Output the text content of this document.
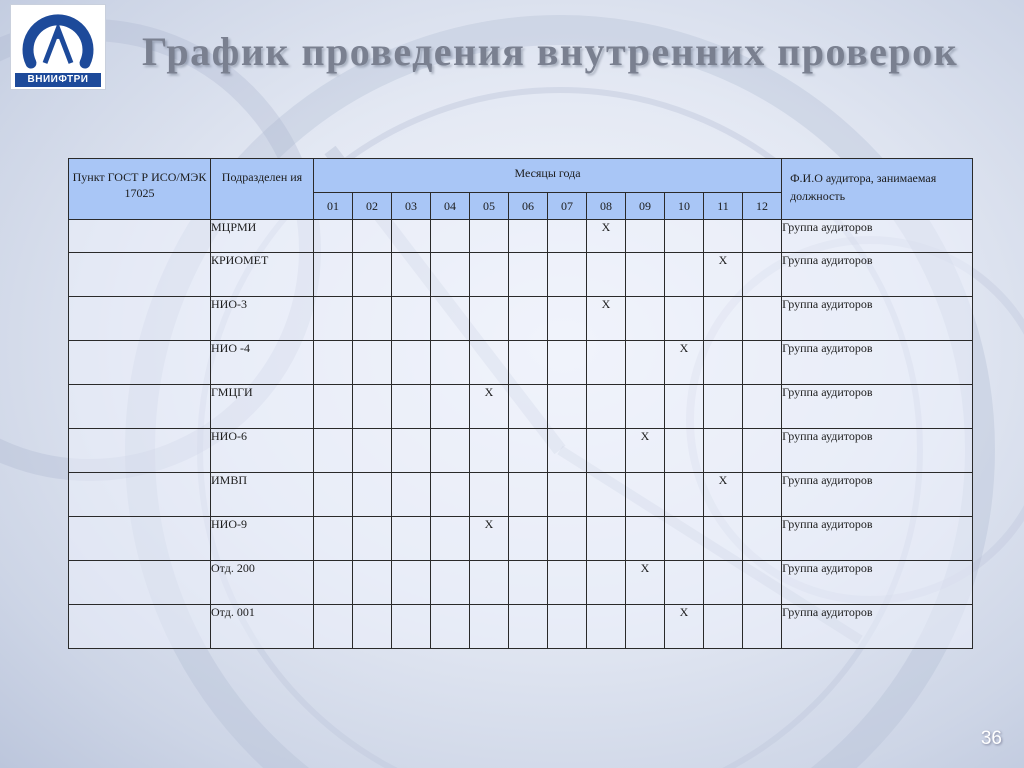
ВНИИФТРИ
График проведения внутренних проверок
Пункт ГОСТ Р ИСО/МЭК 17025	Подразделен ия	Месяцы года												Ф.И.О аудитора, занимаемая должность
		01	02	03	04	05	06	07	08	09	10	11	12	
	МЦРМИ								Х					Группа аудиторов
	КРИОМЕТ											Х		Группа аудиторов
	НИО-3								Х					Группа аудиторов
	НИО -4										Х			Группа аудиторов
	ГМЦГИ					Х								Группа аудиторов
	НИО-6									Х				Группа аудиторов
	ИМВП											Х		Группа аудиторов
	НИО-9					Х								Группа аудиторов
	Отд. 200									Х				Группа аудиторов
	Отд. 001										Х			Группа аудиторов
36
